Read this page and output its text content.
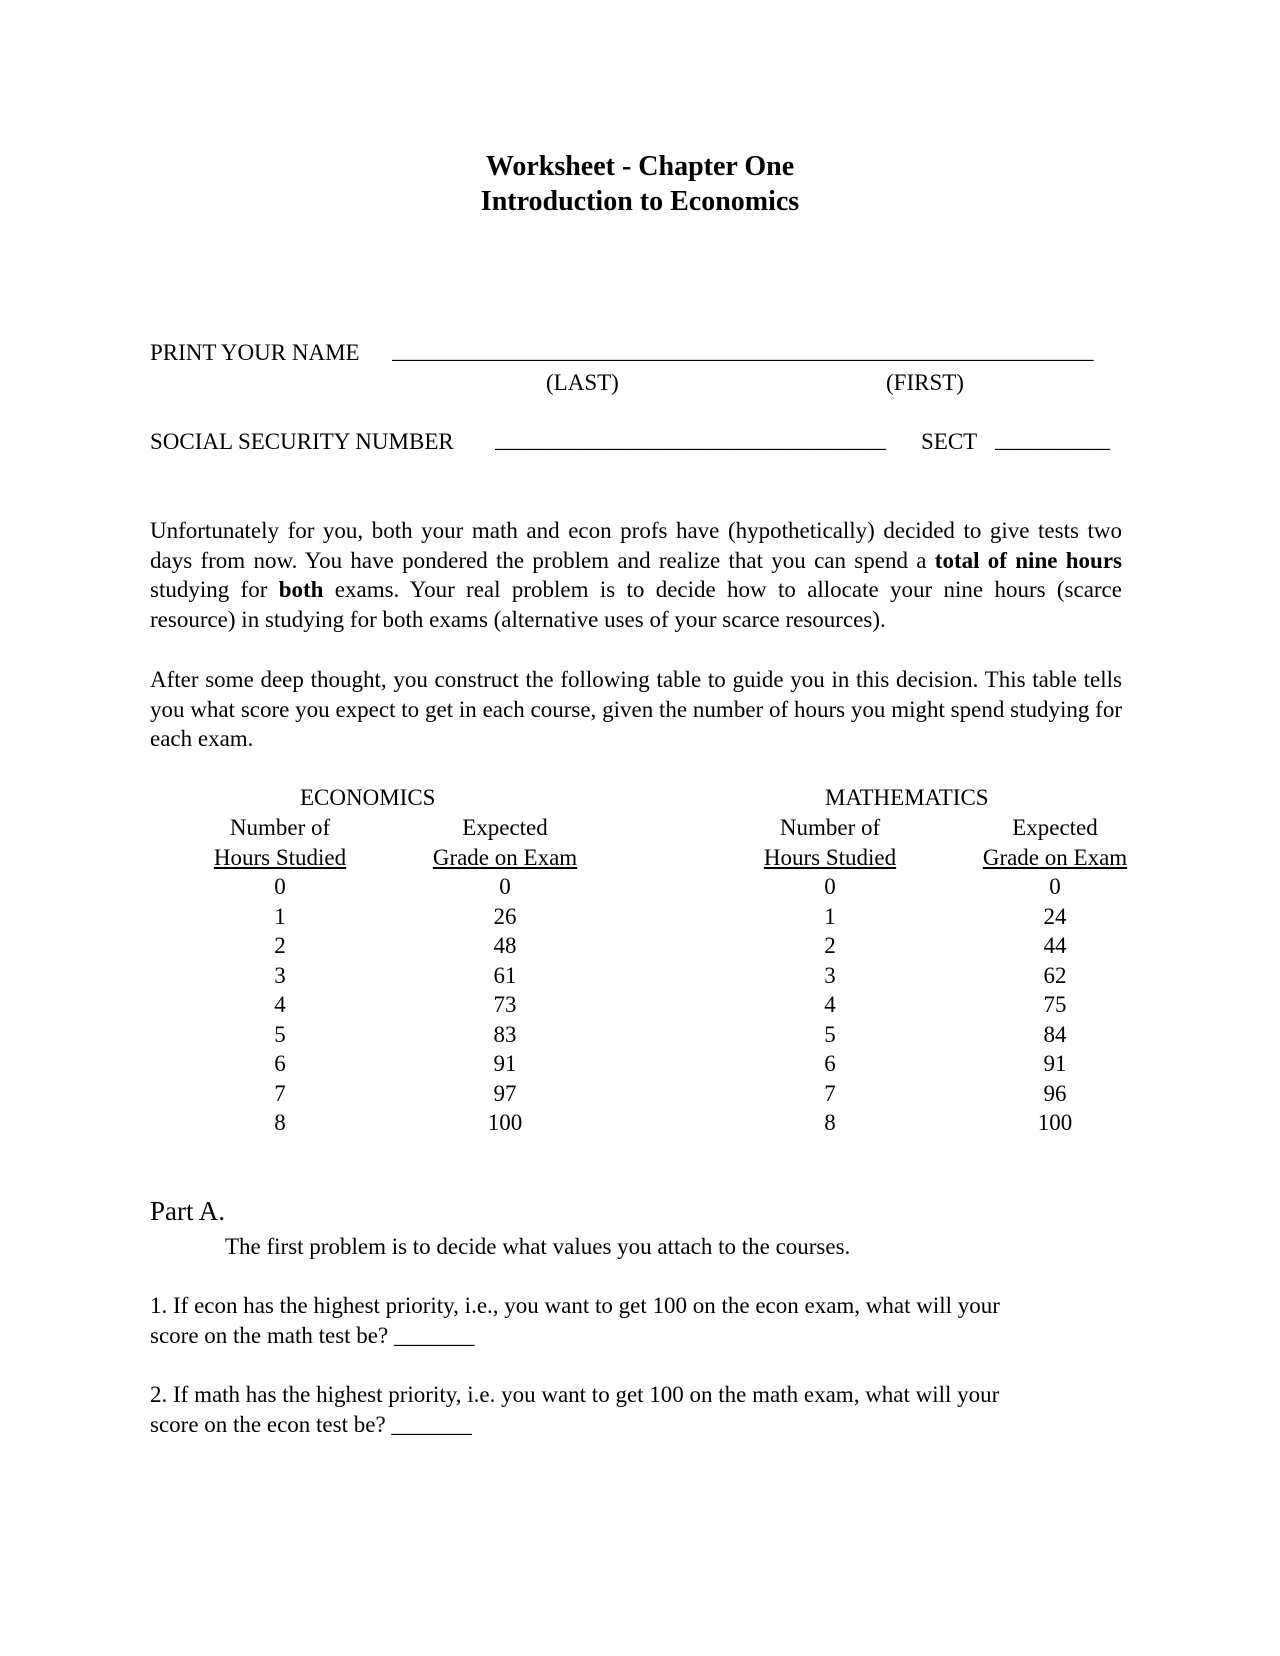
Worksheet - Chapter One
Introduction to Economics
PRINT YOUR NAME _____________________________________________________________
(LAST)	(FIRST)
SOCIAL SECURITY NUMBER __________________________________	SECT __________
Unfortunately for you, both your math and econ profs have (hypothetically) decided to give tests two days from now. You have pondered the problem and realize that you can spend a total of nine hours studying for both exams. Your real problem is to decide how to allocate your nine hours (scarce resource) in studying for both exams (alternative uses of your scarce resources).
After some deep thought, you construct the following table to guide you in this decision. This table tells you what score you expect to get in each course, given the number of hours you might spend studying for each exam.
ECONOMICS
Number of
Hours Studied
0
1
2
3
4
5
6
7
8
Expected
Grade on Exam
0
26
48
61
73
83
91
97
100
MATHEMATICS
Number of
Hours Studied
0
1
2
3
4
5
6
7
8
Expected
Grade on Exam
0
24
44
62
75
84
91
96
100
Part A.
The first problem is to decide what values you attach to the courses.
1. If econ has the highest priority, i.e., you want to get 100 on the econ exam, what will your
score on the math test be? _______
2. If math has the highest priority, i.e. you want to get 100 on the math exam, what will your
score on the econ test be? _______
